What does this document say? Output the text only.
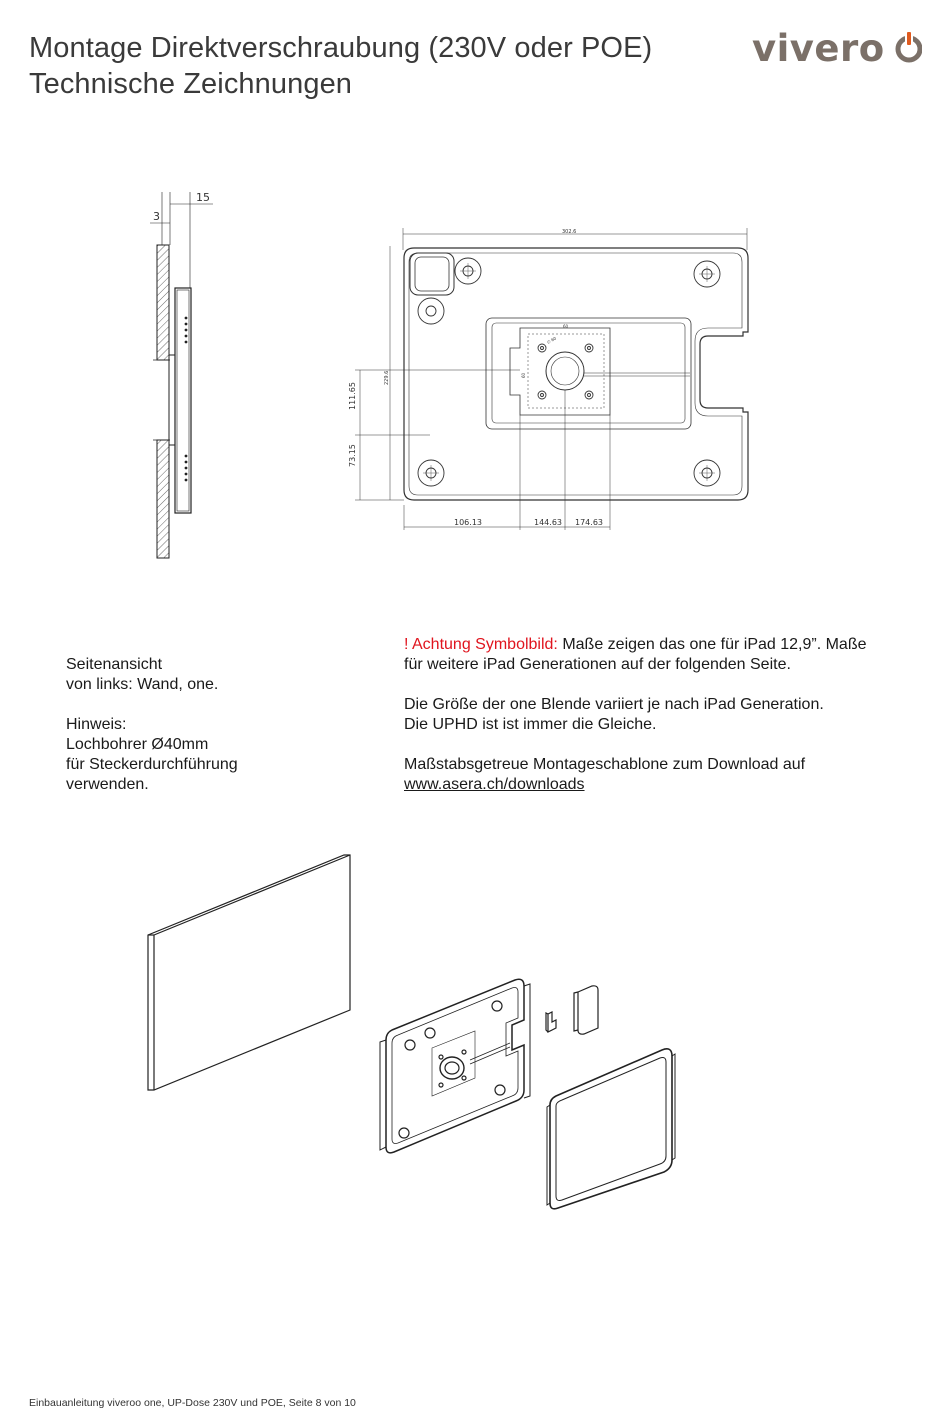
Montage Direktverschraubung (230V oder POE)
Technische Zeichnungen
vivero
15
3
302.6
229.6
111.65
73.15
106.13	144.63 174.63
60
∅ 60
60

Seitenansicht

von links: Wand, one.

Hinweis:

Lochbohrer Ø40mm

für Steckerdurchführung

verwenden.

! Achtung Symbolbild: Maße zeigen das one für iPad 12,9”. Maße

für weitere iPad Generationen auf der folgenden Seite.

Die Größe der one Blende variiert je nach iPad Generation.

Die UPHD ist ist immer die Gleiche.

Maßstabsgetreue Montageschablone zum Download auf

www.asera.ch/downloads

Einbauanleitung viveroo one, UP-Dose 230V und POE, Seite 8 von 10
